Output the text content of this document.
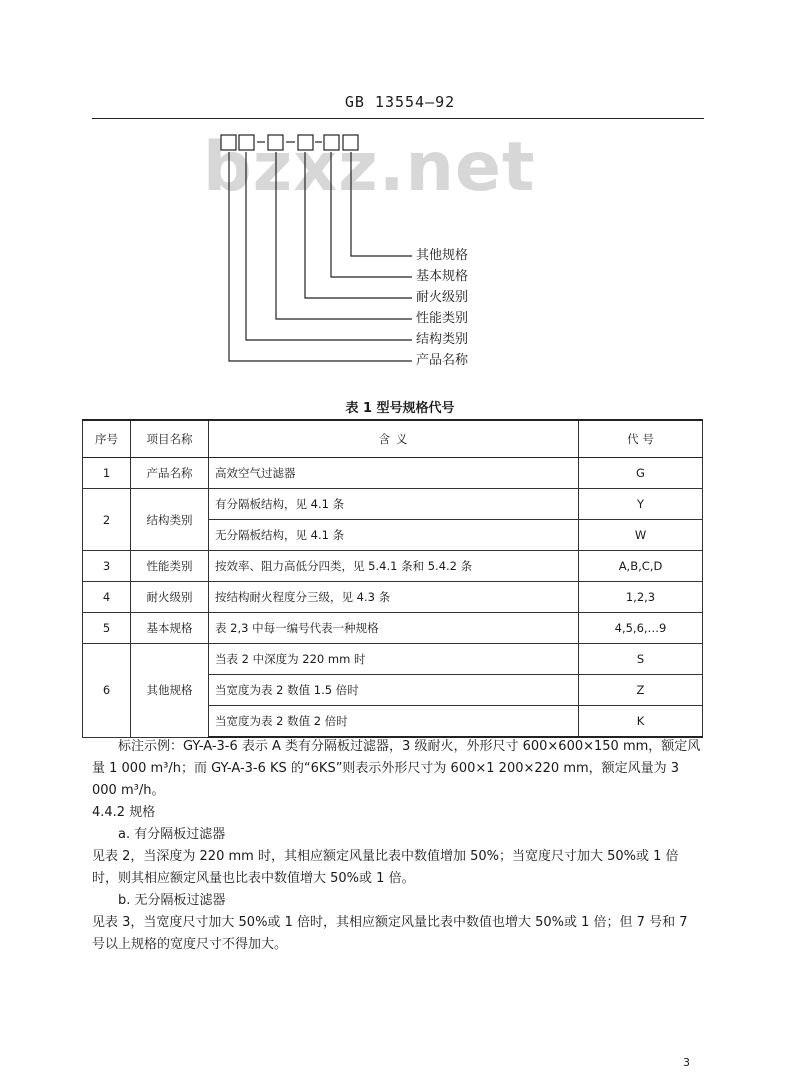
GB 13554—92
bzxz.net
其他规格
基本规格
耐火级别
性能类别
结构类别
产品名称
表 1 型号规格代号
序号	项目名称	含 义	代 号
1	产品名称	高效空气过滤器	G
2	结构类别	有分隔板结构，见 4.1 条	Y
		无分隔板结构，见 4.1 条	W
3	性能类别	按效率、阻力高低分四类，见 5.4.1 条和 5.4.2 条	A,B,C,D
4	耐火级别	按结构耐火程度分三级，见 4.3 条	1,2,3
5	基本规格	表 2,3 中每一编号代表一种规格	4,5,6,…9
6	其他规格	当表 2 中深度为 220 mm 时	S
		当宽度为表 2 数值 1.5 倍时	Z
		当宽度为表 2 数值 2 倍时	K
标注示例：GY-A-3-6 表示 A 类有分隔板过滤器，3 级耐火，外形尺寸 600×600×150 mm，额定风量 1 000 m³/h；而 GY-A-3-6 KS 的“6KS”则表示外形尺寸为 600×1 200×220 mm，额定风量为 3 000 m³/h。
4.4.2 规格
a. 有分隔板过滤器
见表 2，当深度为 220 mm 时，其相应额定风量比表中数值增加 50%；当宽度尺寸加大 50%或 1 倍时，则其相应额定风量也比表中数值增大 50%或 1 倍。
b. 无分隔板过滤器
见表 3，当宽度尺寸加大 50%或 1 倍时，其相应额定风量比表中数值也增大 50%或 1 倍；但 7 号和 7 号以上规格的宽度尺寸不得加大。
3
